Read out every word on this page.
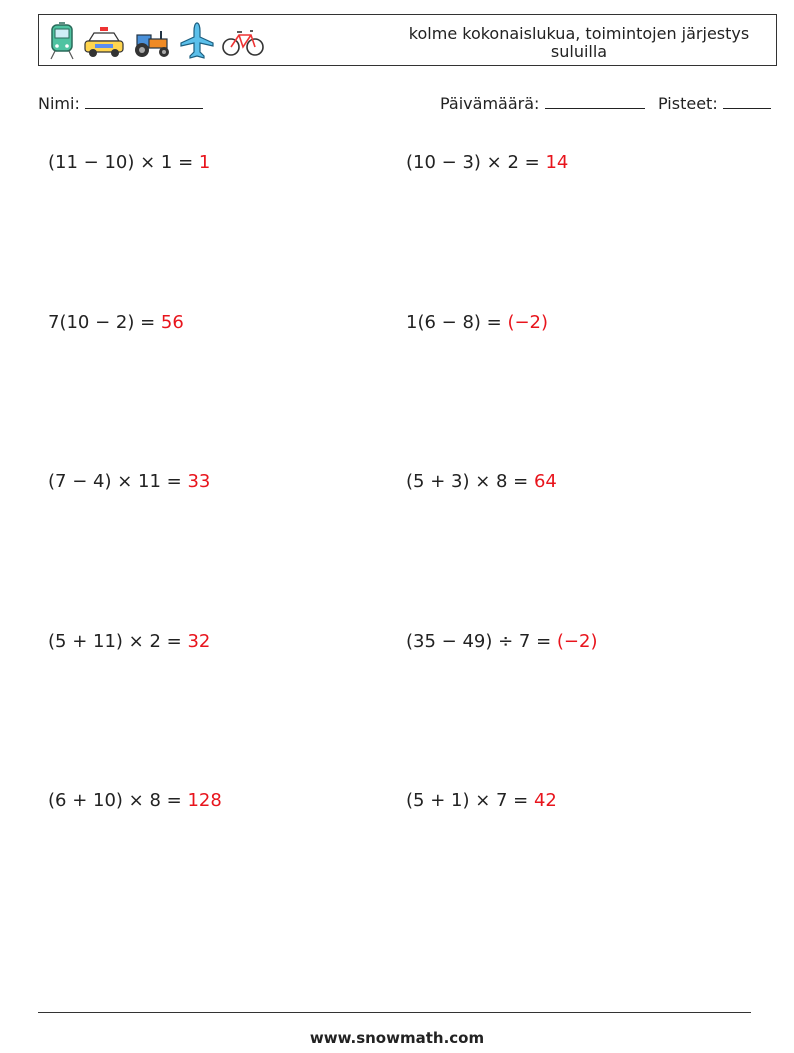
kolme kokonaislukua, toimintojen järjestys
suluilla
Nimi:	Päivämäärä:	Pisteet:
(11 − 10) × 1 = 1	(10 − 3) × 2 = 14
7(10 − 2) = 56	1(6 − 8) = (−2)
(7 − 4) × 11 = 33	(5 + 3) × 8 = 64
(5 + 11) × 2 = 32	(35 − 49) ÷ 7 = (−2)
(6 + 10) × 8 = 128	(5 + 1) × 7 = 42
www.snowmath.com
